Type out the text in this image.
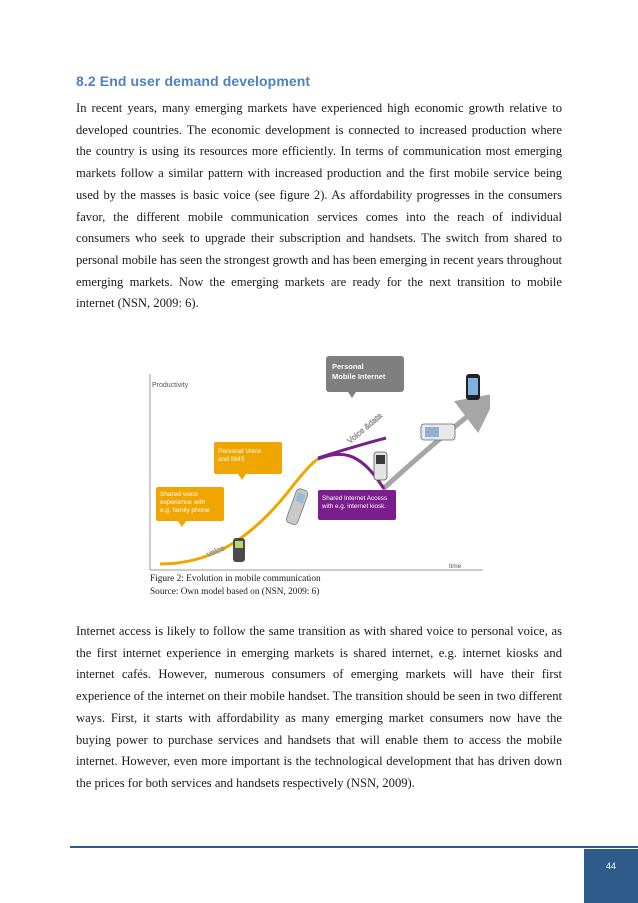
8.2 End user demand development

In recent years, many emerging markets have experienced high economic growth relative to developed countries. The economic development is connected to increased production where the country is using its resources more efficiently. In terms of communication most emerging markets follow a similar pattern with increased production and the first mobile service being used by the masses is basic voice (see figure 2). As affordability progresses in the consumers favor, the different mobile communication services comes into the reach of individual consumers who seek to upgrade their subscription and handsets. The switch from shared to personal mobile has seen the strongest growth and has been emerging in recent years throughout emerging markets. Now the emerging markets are ready for the next transition to mobile internet (NSN, 2009: 6).

Productivity
time
voice
Voice &data
Shared voice
experience with
e.g. family phone
Personal Voice
and SMS
Shared Internet Access
with e.g. internet kiosk.
Personal
Mobile Internet
Figure 2: Evolution in mobile communication
Source: Own model based on (NSN, 2009: 6)

Internet access is likely to follow the same transition as with shared voice to personal voice, as the first internet experience in emerging markets is shared internet, e.g. internet kiosks and internet cafés. However, numerous consumers of emerging markets will have their first experience of the internet on their mobile handset. The transition should be seen in two different ways. First, it starts with affordability as many emerging market consumers now have the buying power to purchase services and handsets that will enable them to access the mobile internet. However, even more important is the technological development that has driven down the prices for both services and handsets respectively (NSN, 2009).

44
